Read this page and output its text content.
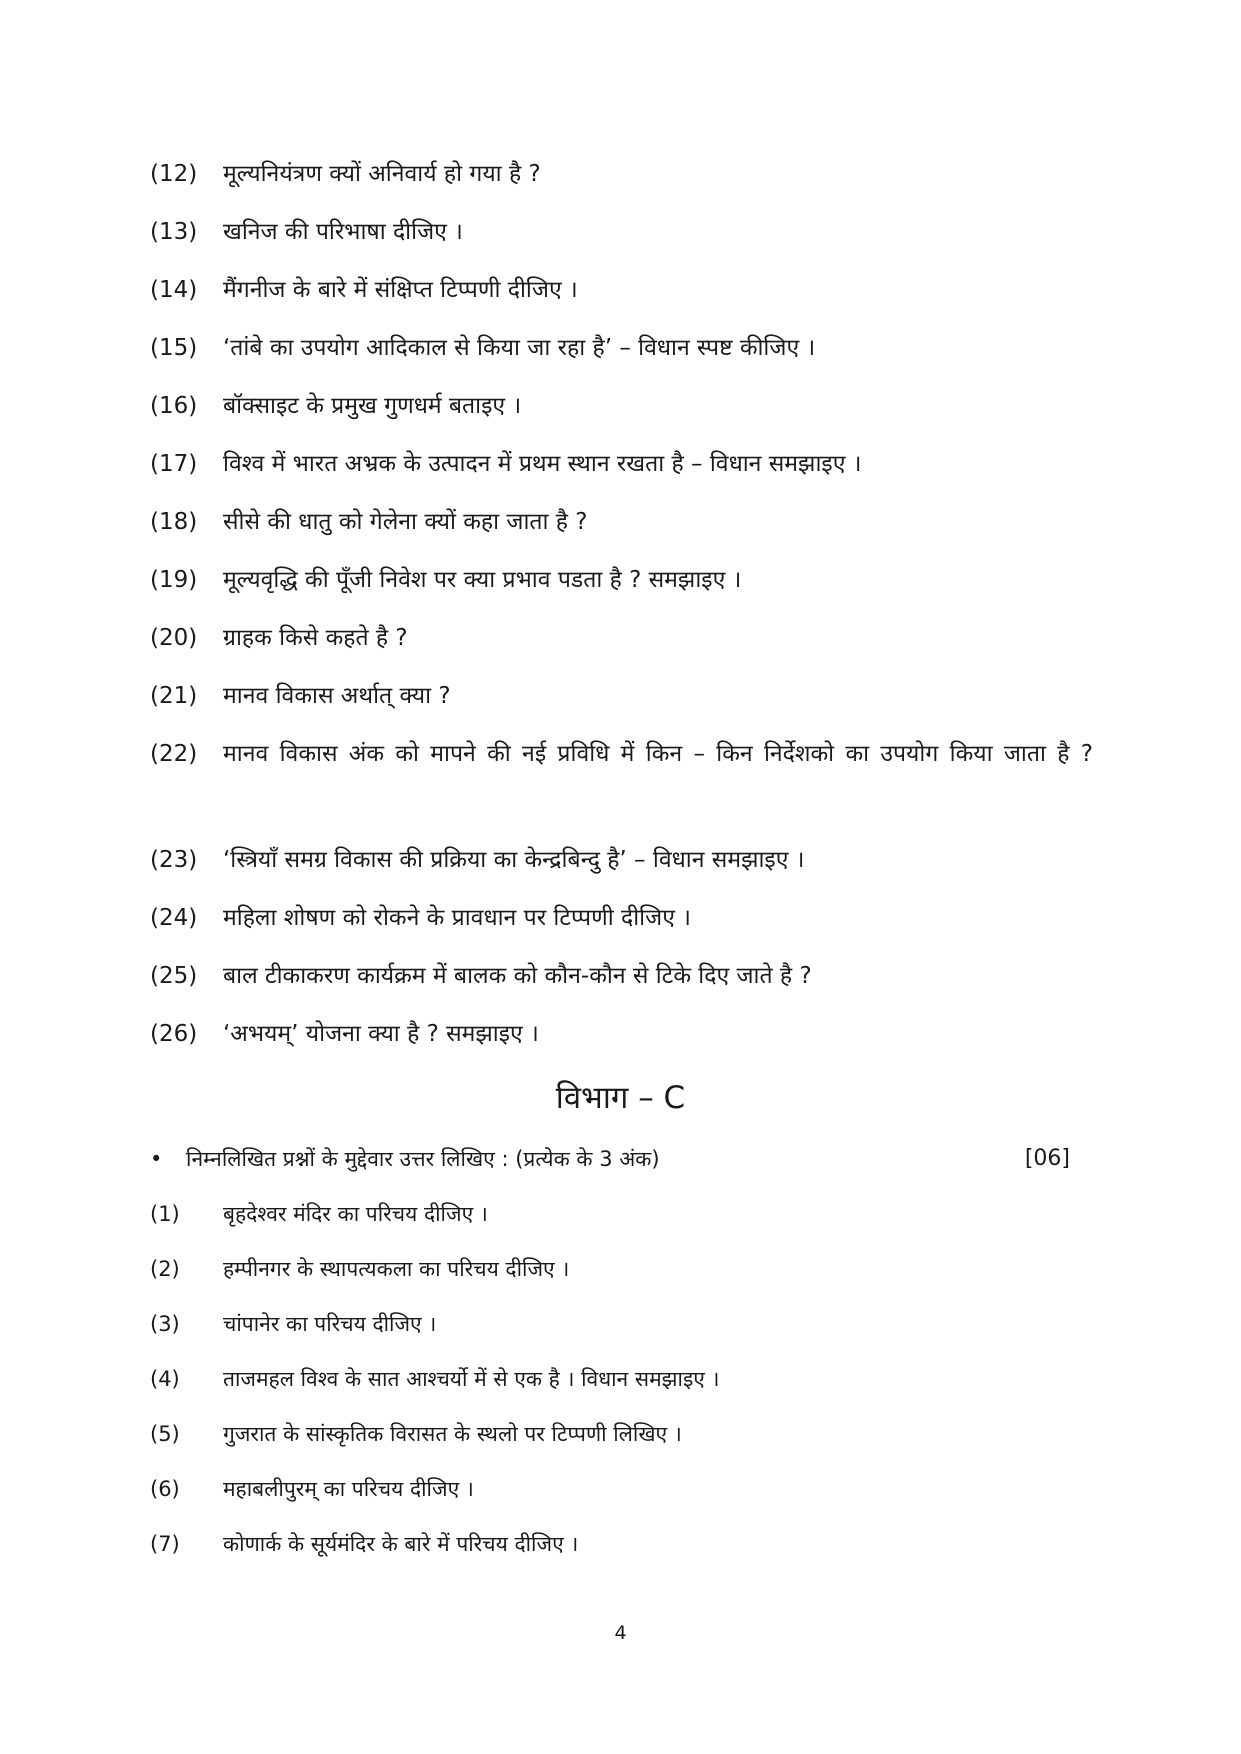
(12)	मूल्यनियंत्रण क्यों अनिवार्य हो गया है ?
(13)	खनिज की परिभाषा दीजिए ।
(14)	मैंगनीज के बारे में संक्षिप्त टिप्पणी दीजिए ।
(15)	‘तांबे का उपयोग आदिकाल से किया जा रहा है’ – विधान स्पष्ट कीजिए ।
(16)	बॉक्साइट के प्रमुख गुणधर्म बताइए ।
(17)	विश्व में भारत अभ्रक के उत्पादन में प्रथम स्थान रखता है – विधान समझाइए ।
(18)	सीसे की धातु को गेलेना क्यों कहा जाता है ?
(19)	मूल्यवृद्धि की पूँजी निवेश पर क्या प्रभाव पडता है ? समझाइए ।
(20)	ग्राहक किसे कहते है ?
(21)	मानव विकास अर्थात् क्या ?
(22)	मानव विकास अंक को मापने की नई प्रविधि में किन – किन निर्देशको का उपयोग किया जाता है ?
(23)	‘स्त्रियाँ समग्र विकास की प्रक्रिया का केन्द्रबिन्दु है’ – विधान समझाइए ।
(24)	महिला शोषण को रोकने के प्रावधान पर टिप्पणी दीजिए ।
(25)	बाल टीकाकरण कार्यक्रम में बालक को कौन-कौन से टिके दिए जाते है ?
(26)	‘अभयम्’ योजना क्या है ? समझाइए ।
विभाग – C
• निम्नलिखित प्रश्नों के मुद्देवार उत्तर लिखिए : (प्रत्येक के 3 अंक)	[06]
(1)	बृहदेश्वर मंदिर का परिचय दीजिए ।
(2)	हम्पीनगर के स्थापत्यकला का परिचय दीजिए ।
(3)	चांपानेर का परिचय दीजिए ।
(4)	ताजमहल विश्व के सात आश्चर्यो में से एक है । विधान समझाइए ।
(5)	गुजरात के सांस्कृतिक विरासत के स्थलो पर टिप्पणी लिखिए ।
(6)	महाबलीपुरम् का परिचय दीजिए ।
(7)	कोणार्क के सूर्यमंदिर के बारे में परिचय दीजिए ।
4
